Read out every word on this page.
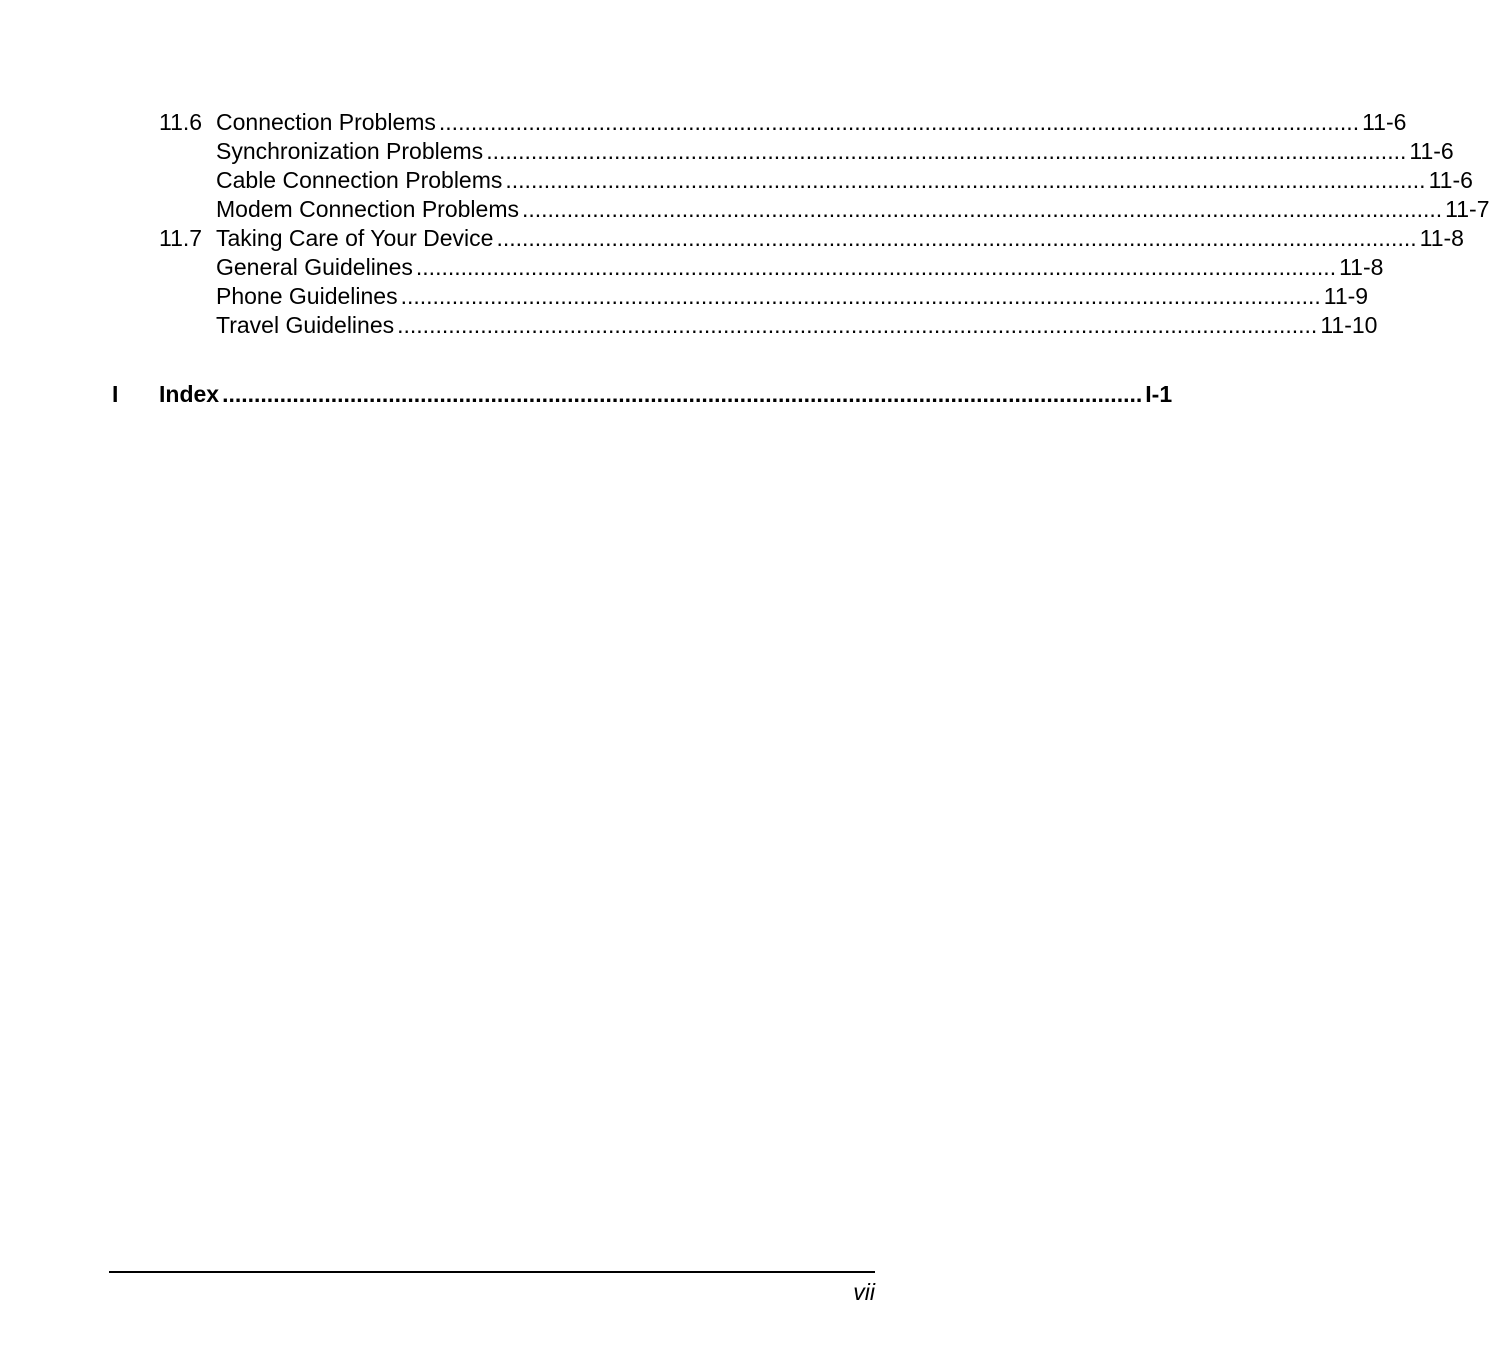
11.6 Connection Problems ................................................................................................................................................ 11-6
Synchronization Problems ................................................................................................................................................ 11-6
Cable Connection Problems ................................................................................................................................................ 11-6
Modem Connection Problems ................................................................................................................................................ 11-7
11.7 Taking Care of Your Device ................................................................................................................................................ 11-8
General Guidelines ................................................................................................................................................ 11-8
Phone Guidelines ................................................................................................................................................ 11-9
Travel Guidelines ................................................................................................................................................ 11-10
I Index ................................................................................................................................................ I-1
vii
